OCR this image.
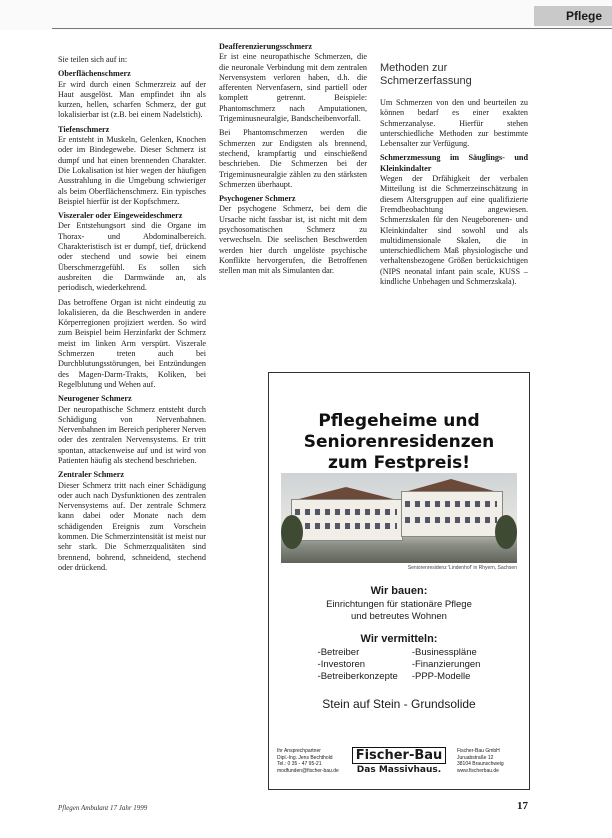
Pflege

Sie teilen sich auf in:

Oberflächenschmerz
Er wird durch einen Schmerzreiz auf der Haut ausgelöst. Man empfindet ihn als kurzen, hellen, scharfen Schmerz, der gut lokalisierbar ist (z.B. bei einem Nadelstich).

Tiefenschmerz
Er entsteht in Muskeln, Gelenken, Knochen oder im Bindegewebe. Dieser Schmerz ist dumpf und hat einen brennenden Charakter. Die Lokalisation ist hier wegen der häufigen Ausstrahlung in die Umgebung schwieriger als beim Oberflächenschmerz. Ein typisches Beispiel hierfür ist der Kopfschmerz.

Viszeraler oder Eingeweideschmerz
Der Entstehungsort sind die Organe im Thorax- und Abdominalbereich. Charakteristisch ist er dumpf, tief, drückend oder stechend und sowie bei einem Überschmerzgefühl. Es sollen sich ausbreiten die Darmwände an, als periodisch, wiederkehrend.

Das betroffene Organ ist nicht eindeutig zu lokalisieren, da die Beschwerden in andere Körperregionen projiziert werden. So wird zum Beispiel beim Herzinfarkt der Schmerz meist im linken Arm verspürt. Viszerale Schmerzen treten auch bei Durchblutungsstörungen, bei Entzündungen des Magen-Darm-Trakts, Koliken, bei Regelblutung und Wehen auf.

Neurogener Schmerz
Der neuropathische Schmerz entsteht durch Schädigung von Nervenbahnen. Nervenbahnen im Bereich peripherer Nerven oder des zentralen Nervensystems. Er tritt spontan, attackenweise auf und ist wird von Patienten häufig als stechend beschrieben.

Zentraler Schmerz
Dieser Schmerz tritt nach einer Schädigung oder auch nach Dysfunktionen des zentralen Nervensystems auf. Der zentrale Schmerz kann dabei oder Monate nach dem schädigenden Ereignis zum Vorschein kommen. Die Schmerzintensität ist meist nur sehr stark. Die Schmerzqualitäten sind brennend, bohrend, schneidend, stechend oder drückend.

Deafferenzierungsschmerz
Er ist eine neuropathische Schmerzen, die die neuronale Verbindung mit dem zentralen Nervensystem verloren haben, d.h. die afferenten Nervenfasern, sind partiell oder komplett getrennt. Beispiele: Phantomschmerz nach Amputationen, Trigeminusneuralgie, Bandscheibenvorfall.

Bei Phantomschmerzen werden die Schmerzen zur Endigsten als brennend, stechend, krampfartig und einschießend beschrieben. Die Schmerzen bei der Trigeminusneuralgie zählen zu den stärksten Schmerzen überhaupt.

Psychogener Schmerz
Der psychogene Schmerz, bei dem die Ursache nicht fassbar ist, ist nicht mit dem psychosomatischen Schmerz zu verwechseln. Die seelischen Beschwerden werden hier durch ungelöste psychische Konflikte hervorgerufen, die Betroffenen stellen man mit als Simulanten dar.

Methoden zur Schmerzerfassung

Um Schmerzen von den und beurteilen zu können bedarf es einer exakten Schmerzanalyse. Hierfür stehen unterschiedliche Methoden zur bestimmte Lebensalter zur Verfügung.

Schmerzmessung im Säuglings- und Kleinkindalter
Wegen der Drfähigkeit der verbalen Mitteilung ist die Schmerzeinschätzung in diesem Altersgruppen auf eine qualifizierte Fremdbeobachtung angewiesen. Schmerzskalen für den Neugeborenen- und Kleinkindalter sind sowohl und als multidimensionale Skalen, die in unterschiedlichem Maß physiologische und verhaltensbezogene Größen berücksichtigen (NIPS neonatal infant pain scale, KUSS – kindliche Unbehagen und Schmerzskala).

Pflegeheime und
Seniorenresidenzen
zum Festpreis!
Seniorenresidenz 'Lindenhof' in Rhyern, Sachsen
Wir bauen:
Einrichtungen für stationäre Pflege
und betreutes Wohnen
Wir vermitteln:
-Betreiber
-Investoren
-Betreiberkonzepte
-Businesspläne
-Finanzierungen
-PPP-Modelle
Stein auf Stein - Grundsolide
Ihr Ansprechpartner
Dipl.-Ing. Jens Bechthold
Tel.: 0 35 - 47 95-21
modfunden@fischer-bau.de
Fischer-Bau
Das Massivhaus.
Fischer-Bau GmbH
Juruabstraße 12
38104 Braunschweig
www.fischerbau.de
Pflegen Ambulant 17 Jahr 1999	17
